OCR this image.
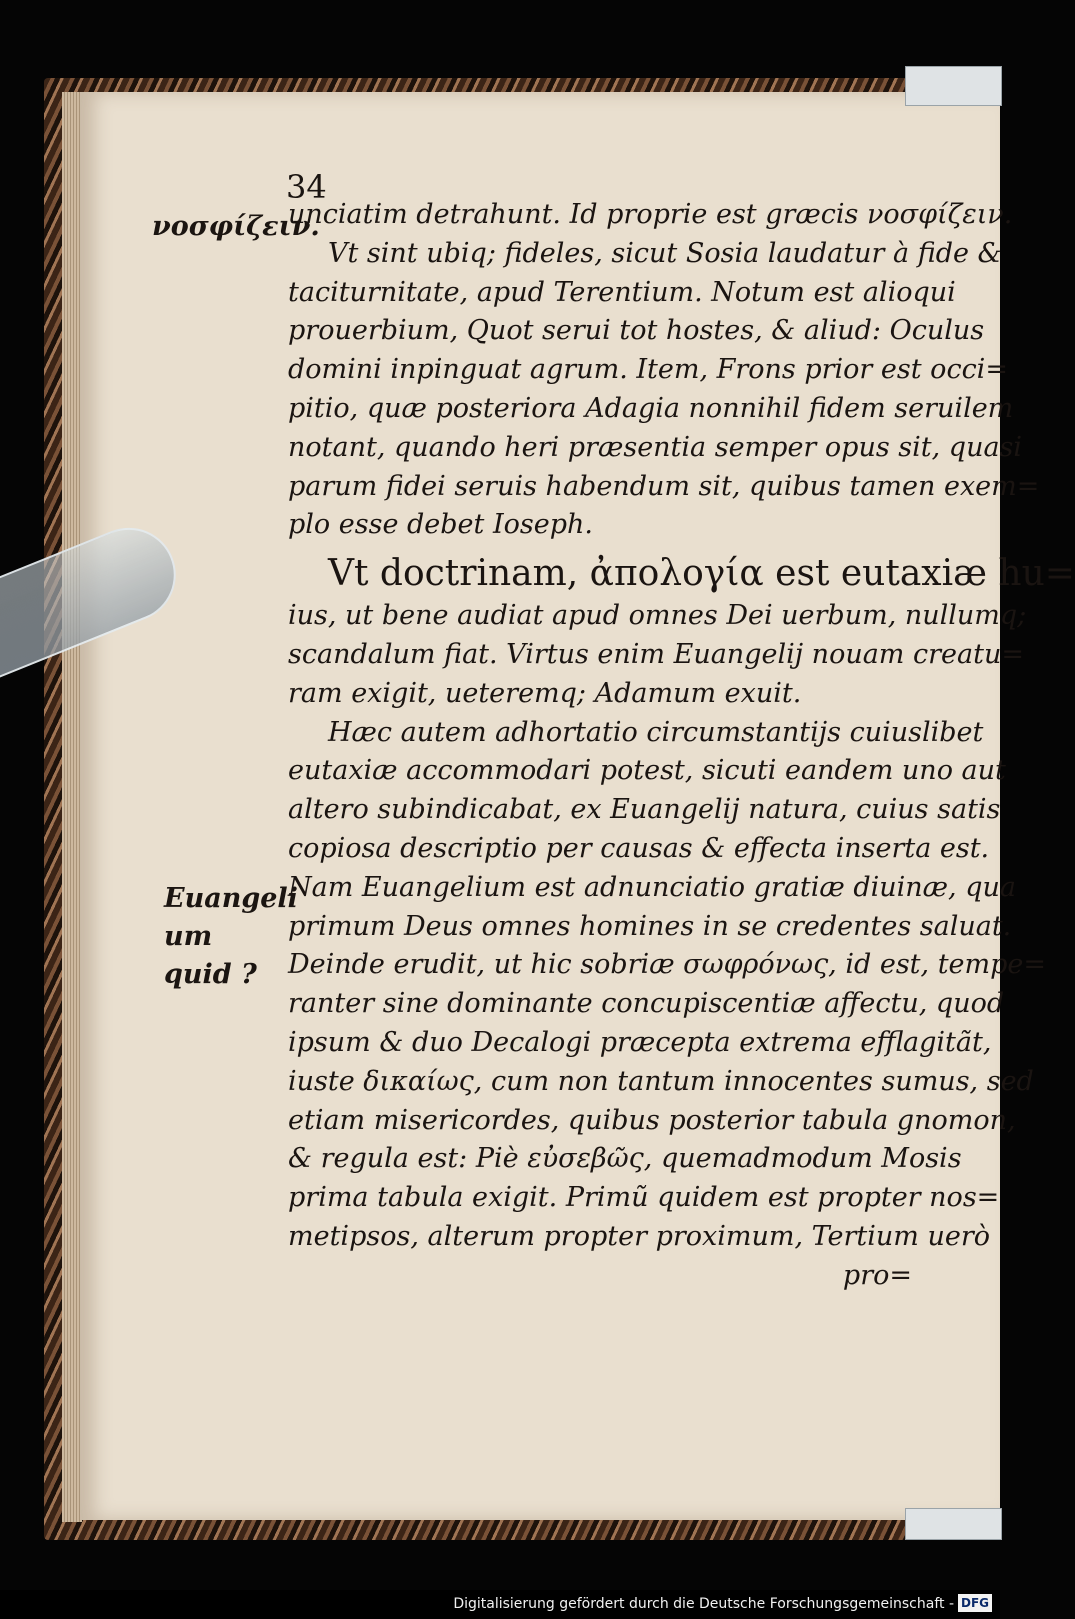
34
νοσφίζειν.
Euangeli um quid ?
unciatim detrahunt. Id proprie est græcis νοσφίζειν.
Vt sint ubiq; fideles, sicut Sosia laudatur à fide &
taciturnitate, apud Terentium. Notum est alioqui
prouerbium, Quot serui tot hostes, & aliud: Oculus
domini inpinguat agrum. Item, Frons prior est occi=
pitio, quæ posteriora Adagia nonnihil fidem seruilem
notant, quando heri præsentia semper opus sit, quasi
parum fidei seruis habendum sit, quibus tamen exem=
plo esse debet Ioseph.
Vt doctrinam, ἀπολογία est eutaxiæ hu=
ius, ut bene audiat apud omnes Dei uerbum, nullumq;
scandalum fiat. Virtus enim Euangelij nouam creatu=
ram exigit, ueteremq; Adamum exuit.
Hæc autem adhortatio circumstantijs cuiuslibet
eutaxiæ accommodari potest, sicuti eandem uno aut
altero subindicabat, ex Euangelij natura, cuius satis
copiosa descriptio per causas & effecta inserta est.
Nam Euangelium est adnunciatio gratiæ diuinæ, qua
primum Deus omnes homines in se credentes saluat.
Deinde erudit, ut hic sobriæ σωφρόνως, id est, tempe=
ranter sine dominante concupiscentiæ affectu, quod
ipsum & duo Decalogi præcepta extrema efflagitãt,
iuste δικαίως, cum non tantum innocentes sumus, sed
etiam misericordes, quibus posterior tabula gnomon,
& regula est: Piè εὐσεβῶς, quemadmodum Mosis
prima tabula exigit. Primũ quidem est propter nos=
metipsos, alterum propter proximum, Tertium uerò
pro=
Digitalisierung gefördert durch die Deutsche Forschungsgemeinschaft - DFG
